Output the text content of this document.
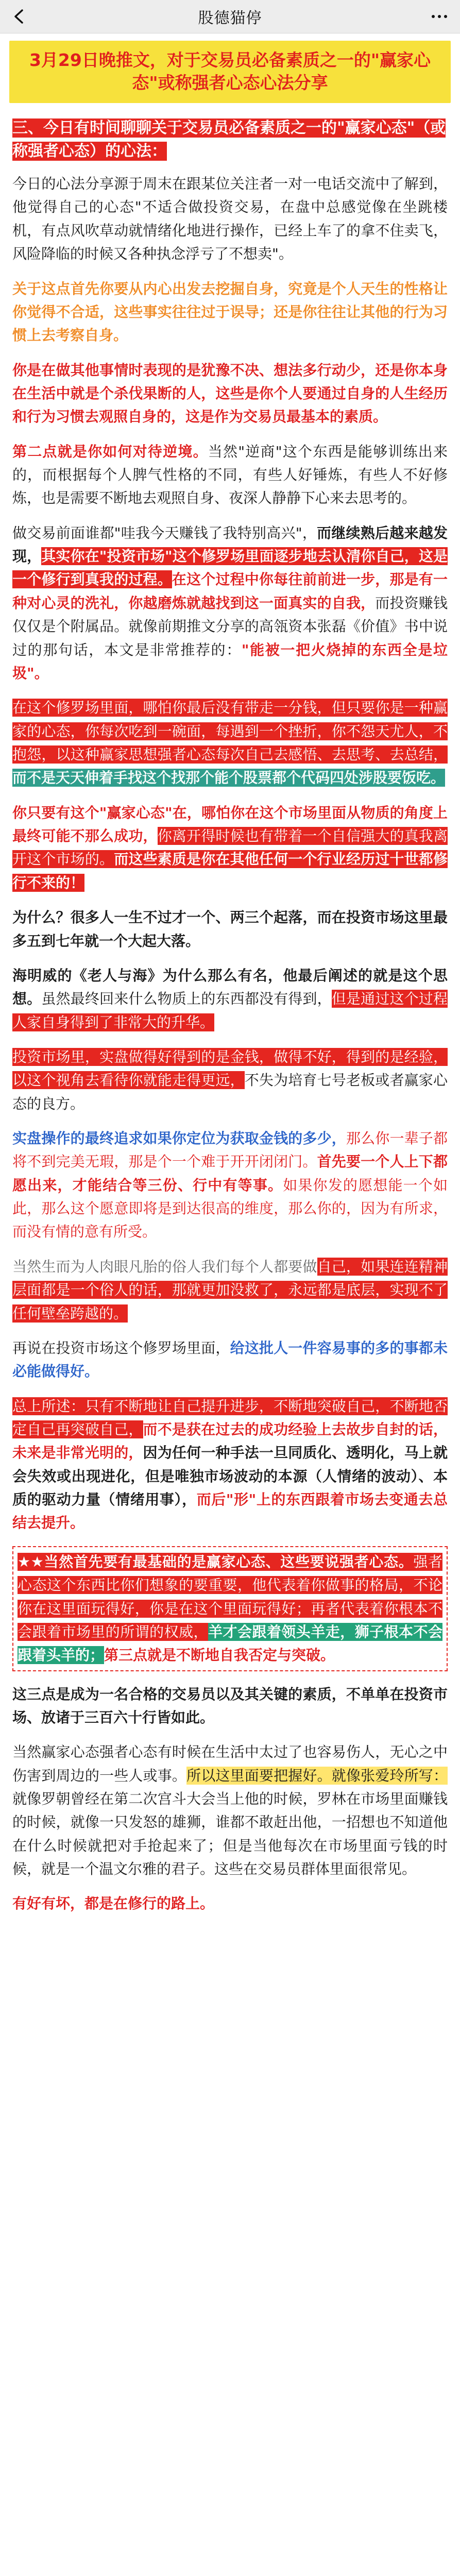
股德猫停
3月29日晚推文，对于交易员必备素质之一的"赢家心态"或称强者心态心法分享

三、今日有时间聊聊关于交易员必备素质之一的"赢家心态"（或称强者心态）的心法：

今日的心法分享源于周末在跟某位关注者一对一电话交流中了解到，他觉得自己的心态"不适合做投资交易，在盘中总感觉像在坐跳楼机，有点风吹草动就情绪化地进行操作，已经上车了的拿不住卖飞，风险降临的时候又各种执念浮亏了不想卖"。

关于这点首先你要从内心出发去挖掘自身，究竟是个人天生的性格让你觉得不合适，这些事实往往过于误导；还是你往往让其他的行为习惯上去考察自身。

你是在做其他事情时表现的是犹豫不决、想法多行动少，还是你本身在生活中就是个杀伐果断的人，这些是你个人要通过自身的人生经历和行为习惯去观照自身的，这是作为交易员最基本的素质。

第二点就是你如何对待逆境。当然"逆商"这个东西是能够训练出来的，而根据每个人脾气性格的不同，有些人好锤炼，有些人不好修炼，也是需要不断地去观照自身、夜深人静静下心来去思考的。

做交易前面谁都"哇我今天赚钱了我特别高兴"，而继续熟后越来越发现，其实你在"投资市场"这个修罗场里面逐步地去认清你自己，这是一个修行到真我的过程。在这个过程中你每往前前进一步，那是有一种对心灵的洗礼，你越磨炼就越找到这一面真实的自我，而投资赚钱仅仅是个附属品。就像前期推文分享的高瓴资本张磊《价值》书中说过的那句话，本文是非常推荐的："能被一把火烧掉的东西全是垃圾"。

在这个修罗场里面，哪怕你最后没有带走一分钱，但只要你是一种赢家的心态，你每次吃到一碗面，每遇到一个挫折，你不怨天尤人，不抱怨，以这种赢家思想强者心态每次自己去感悟、去思考、去总结，而不是天天伸着手找这个找那个能个股票都个代码四处涉股要饭吃。

你只要有这个"赢家心态"在，哪怕你在这个市场里面从物质的角度上最终可能不那么成功，你离开得时候也有带着一个自信强大的真我离开这个市场的。而这些素质是你在其他任何一个行业经历过十世都修行不来的！

为什么？很多人一生不过才一个、两三个起落，而在投资市场这里最多五到七年就一个大起大落。

海明威的《老人与海》为什么那么有名，他最后阐述的就是这个思想。虽然最终回来什么物质上的东西都没有得到，但是通过这个过程人家自身得到了非常大的升华。

投资市场里，实盘做得好得到的是金钱，做得不好，得到的是经验，以这个视角去看待你就能走得更远，不失为培育七号老板或者赢家心态的良方。

实盘操作的最终追求如果你定位为获取金钱的多少，那么你一辈子都将不到完美无瑕，那是个一个难于开开闭闭门。首先要一个人上下都愿出来，才能结合等三份、行中有等事。如果你发的愿想能一个如此，那么这个愿意即将是到达很高的维度，那么你的，因为有所求，而没有情的意有所受。

当然生而为人肉眼凡胎的俗人我们每个人都要做自己，如果连连精神层面都是一个俗人的话，那就更加没救了，永远都是底层，实现不了任何壁垒跨越的。

再说在投资市场这个修罗场里面，给这批人一件容易事的多的事都未必能做得好。

总上所述：只有不断地让自己提升进步，不断地突破自己，不断地否定自己再突破自己，而不是获在过去的成功经验上去故步自封的话，未来是非常光明的，因为任何一种手法一旦同质化、透明化，马上就会失效或出现进化，但是唯独市场波动的本源（人情绪的波动）、本质的驱动力量（情绪用事），而后"形"上的东西跟着市场去变通去总结去提升。

★★当然首先要有最基础的是赢家心态、这些要说强者心态。强者心态这个东西比你们想象的要重要，他代表着你做事的格局，不论你在这里面玩得好，你是在这个里面玩得好；再者代表着你根本不会跟着市场里的所谓的权威，羊才会跟着领头羊走，狮子根本不会跟着头羊的；第三点就是不断地自我否定与突破。

这三点是成为一名合格的交易员以及其关键的素质，不单单在投资市场、放诸于三百六十行皆如此。

当然赢家心态强者心态有时候在生活中太过了也容易伤人，无心之中伤害到周边的一些人或事。所以这里面要把握好。就像张爱玲所写：就像罗朝曾经在第二次宫斗大会当上他的时候，罗林在市场里面赚钱的时候，就像一只发怒的雄狮，谁都不敢赶出他，一招想也不知道他在什么时候就把对手抢起来了；但是当他每次在市场里面亏钱的时候，就是一个温文尔雅的君子。这些在交易员群体里面很常见。

有好有坏，都是在修行的路上。
